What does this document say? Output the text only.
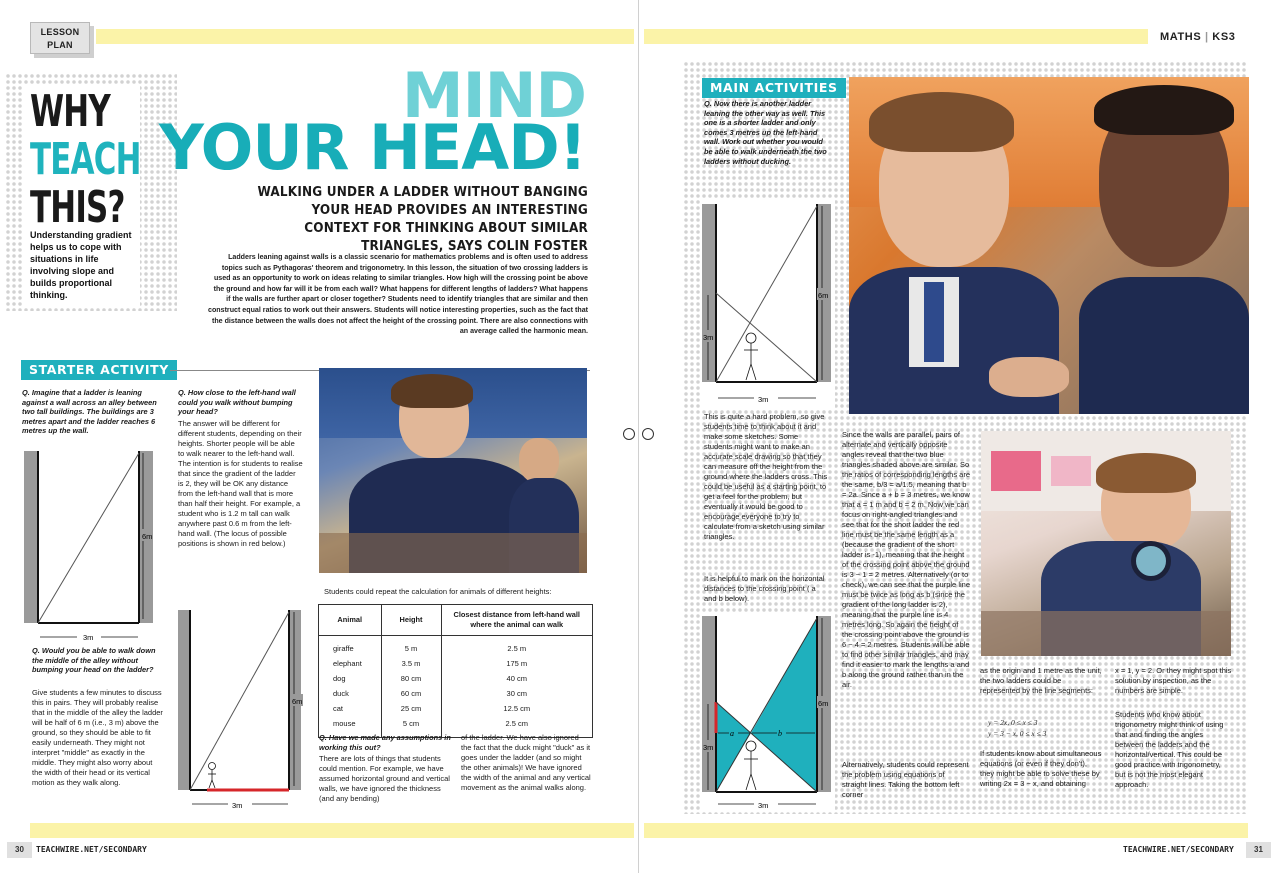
LESSON
PLAN
MATHS | KS3
WHY
TEACH
THIS?
Understanding gradient helps us to cope with situations in life involving slope and builds proportional thinking.
MIND
YOUR HEAD!
WALKING UNDER A LADDER WITHOUT BANGING YOUR HEAD PROVIDES AN INTERESTING CONTEXT FOR THINKING ABOUT SIMILAR TRIANGLES, SAYS COLIN FOSTER
Ladders leaning against walls is a classic scenario for mathematics problems and is often used to address topics such as Pythagoras' theorem and trigonometry. In this lesson, the situation of two crossing ladders is used as an opportunity to work on ideas relating to similar triangles. How high will the crossing point be above the ground and how far will it be from each wall? What happens for different lengths of ladders? What happens if the walls are further apart or closer together? Students need to identify triangles that are similar and then construct equal ratios to work out their answers. Students will notice interesting properties, such as the fact that the distance between the walls does not affect the height of the crossing point. There are also connections with an average called the harmonic mean.
STARTER ACTIVITY
Q. Imagine that a ladder is leaning against a wall across an alley between two tall buildings. The buildings are 3 metres apart and the ladder reaches 6 metres up the wall.
6m
3m
Q. Would you be able to walk down the middle of the alley without bumping your head on the ladder?
Give students a few minutes to discuss this in pairs. They will probably realise that in the middle of the alley the ladder will be half of 6 m (i.e., 3 m) above the ground, so they should be able to fit easily underneath. They might not interpret "middle" as exactly in the middle. They might also worry about the width of their head or its vertical motion as they walk along.
Q. How close to the left-hand wall could you walk without bumping your head?
The answer will be different for different students, depending on their heights. Shorter people will be able to walk nearer to the left-hand wall. The intention is for students to realise that since the gradient of the ladder is 2, they will be OK any distance from the left-hand wall that is more than half their height. For example, a student who is 1.2 m tall can walk anywhere past 0.6 m from the left-hand wall. (The locus of possible positions is shown in red below.)
6m
3m
Students could repeat the calculation for animals of different heights:
Animal	Height	Closest distance from left-hand wall where the animal can walk
giraffe	5 m	2.5 m
elephant	3.5 m	175 m
dog	80 cm	40 cm
duck	60 cm	30 cm
cat	25 cm	12.5 cm
mouse	5 cm	2.5 cm
Q. Have we made any assumptions in working this out?
There are lots of things that students could mention. For example, we have assumed horizontal ground and vertical walls, we have ignored the thickness (and any bending)
of the ladder. We have also ignored the fact that the duck might "duck" as it goes under the ladder (and so might the other animals)! We have ignored the width of the animal and any vertical movement as the animal walks along.
MAIN ACTIVITIES
Q. Now there is another ladder leaning the other way as well. This one is a shorter ladder and only comes 3 metres up the left-hand wall. Work out whether you would be able to walk underneath the two ladders without ducking.
3m
6m
3m
This is quite a hard problem, so give students time to think about it and make some sketches. Some students might want to make an accurate scale drawing so that they can measure off the height from the ground where the ladders cross. This could be useful as a starting point, to get a feel for the problem, but eventually it would be good to encourage everyone to try to calculate from a sketch using similar triangles.
It is helpful to mark on the horizontal distances to the crossing point ( a and b below).
a	b
3m
6m
3m
Since the walls are parallel, pairs of alternate and vertically opposite angles reveal that the two blue triangles shaded above are similar. So the ratios of corresponding lengths are the same, b/3 = a/1.5, meaning that b = 2a. Since a + b = 3 metres, we know that a = 1 m and b = 2 m. Now we can focus on right-angled triangles and see that for the short ladder the red line must be the same length as a (because the gradient of the short ladder is -1), meaning that the height of the crossing point above the ground is 3 − 1 = 2 metres. Alternatively (or to check), we can see that the purple line must be twice as long as b (since the gradient of the long ladder is 2), meaning that the purple line is 4 metres long. So again the height of the crossing point above the ground is 6 − 4 = 2 metres. Students will be able to find other similar triangles, and may find it easier to mark the lengths a and b along the ground rather than in the air.
Alternatively, students could represent the problem using equations of straight lines. Taking the bottom left corner
as the origin and 1 metre as the unit, the two ladders could be represented by the line segments:
y = 2x, 0 ≤ x ≤ 3
y = 3 − x, 0 ≤ x ≤ 3
If students know about simultaneous equations (or even if they don't), they might be able to solve these by writing 2x = 3 − x, and obtaining
x = 1, y = 2. Or they might spot this solution by inspection, as the numbers are simple.
Students who know about trigonometry might think of using that and finding the angles between the ladders and the horizontal/vertical. This could be good practice with trigonometry, but is not the most elegant approach.
30	31
TEACHWIRE.NET/SECONDARY	TEACHWIRE.NET/SECONDARY
